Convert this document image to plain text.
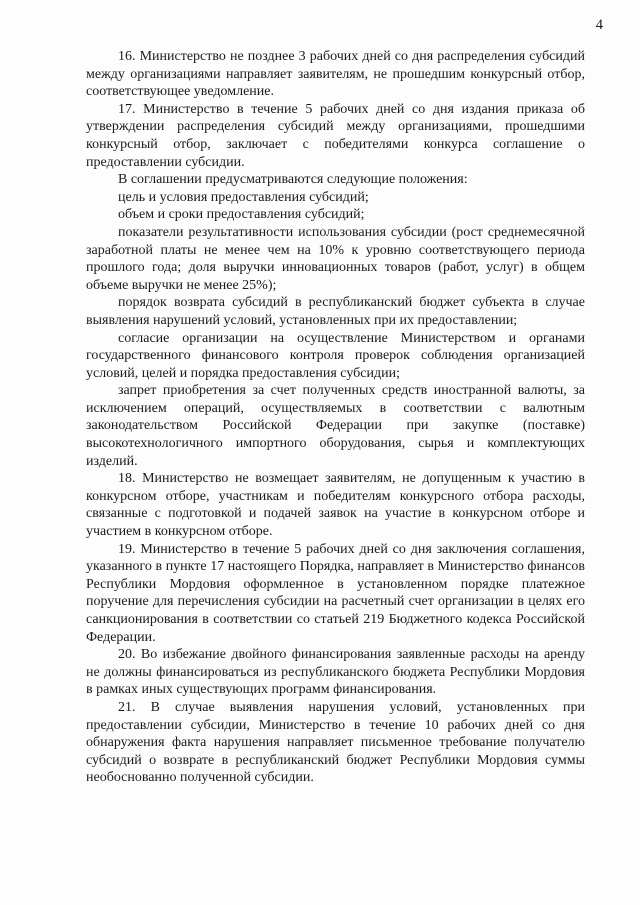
4

16. Министерство не позднее 3 рабочих дней со дня распределения субсидий между организациями направляет заявителям, не прошедшим конкурсный отбор, соответствующее уведомление.

17. Министерство в течение 5 рабочих дней со дня издания приказа об утверждении распределения субсидий между организациями, прошедшими конкурсный отбор, заключает с победителями конкурса соглашение о предоставлении субсидии.

В соглашении предусматриваются следующие положения:

цель и условия предоставления субсидий;

объем и сроки предоставления субсидий;

показатели результативности использования субсидии (рост среднемесячной заработной платы не менее чем на 10% к уровню соответствующего периода прошлого года; доля выручки инновационных товаров (работ, услуг) в общем объеме выручки не менее 25%);

порядок возврата субсидий в республиканский бюджет субъекта в случае выявления нарушений условий, установленных при их предоставлении;

согласие организации на осуществление Министерством и органами государственного финансового контроля проверок соблюдения организацией условий, целей и порядка предоставления субсидии;

запрет приобретения за счет полученных средств иностранной валюты, за исключением операций, осуществляемых в соответствии с валютным законодательством Российской Федерации при закупке (поставке) высокотехнологичного импортного оборудования, сырья и комплектующих изделий.

18. Министерство не возмещает заявителям, не допущенным к участию в конкурсном отборе, участникам и победителям конкурсного отбора расходы, связанные с подготовкой и подачей заявок на участие в конкурсном отборе и участием в конкурсном отборе.

19. Министерство в течение 5 рабочих дней со дня заключения соглашения, указанного в пункте 17 настоящего Порядка, направляет в Министерство финансов Республики Мордовия оформленное в установленном порядке платежное поручение для перечисления субсидии на расчетный счет организации в целях его санкционирования в соответствии со статьей 219 Бюджетного кодекса Российской Федерации.

20. Во избежание двойного финансирования заявленные расходы на аренду не должны финансироваться из республиканского бюджета Республики Мордовия в рамках иных существующих программ финансирования.

21. В случае выявления нарушения условий, установленных при предоставлении субсидии, Министерство в течение 10 рабочих дней со дня обнаружения факта нарушения направляет письменное требование получателю субсидий о возврате в республиканский бюджет Республики Мордовия суммы необоснованно полученной субсидии.
